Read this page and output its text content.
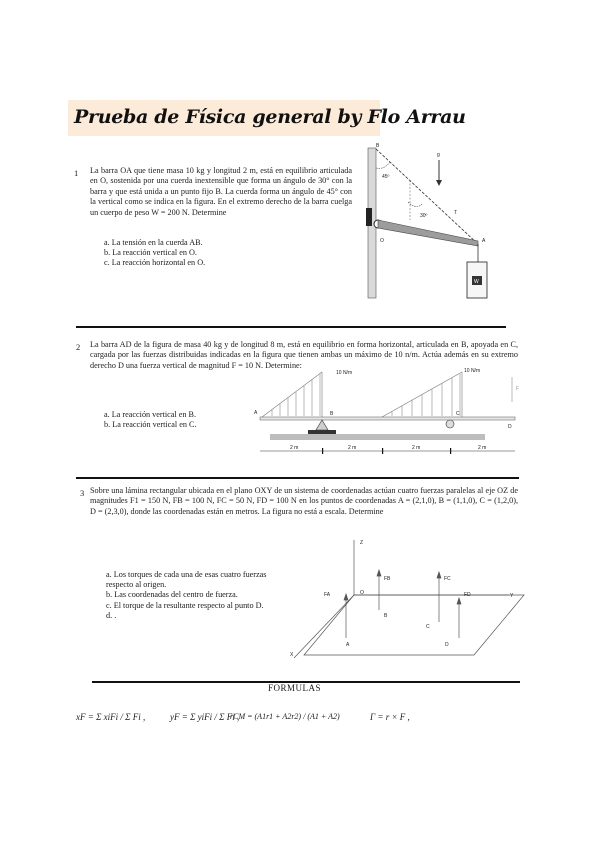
Prueba de Física general by Flo Arrau
1 La barra OA que tiene masa 10 kg y longitud 2 m, está en equilibrio articulada en O, sostenida por una cuerda inextensible que forma un ángulo de 30° con la barra y que está unida a un punto fijo B. La cuerda forma un ángulo de 45° con la vertical como se indica en la figura. En el extremo derecho de la barra cuelga un cuerpo de peso W = 200 N. Determine
a. La tensión en la cuerda AB.
b. La reacción vertical en O.
c. La reacción horizontal en O.
B
g
45º
30º	T
O	A
W
2 La barra AD de la figura de masa 40 kg y de longitud 8 m, está en equilibrio en forma horizontal, articulada en B, apoyada en C, cargada por las fuerzas distribuidas indicadas en la figura que tienen ambas un máximo de 10 n/m. Actúa además en su extremo derecho D una fuerza vertical de magnitud F = 10 N. Determine:
a. La reacción vertical en B.
b. La reacción vertical en C.
10 N/m	10 N/m
A	B	C
D
F
2 m	2 m	2 m	2 m
3 Sobre una lámina rectangular ubicada en el plano OXY de un sistema de coordenadas actúan cuatro fuerzas paralelas al eje OZ de magnitudes F1 = 150 N, FB = 100 N, FC = 50 N, FD = 100 N en los puntos de coordenadas A = (2,1,0), B = (1,1,0), C = (1,2,0), D = (2,3,0), donde las coordenadas están en metros. La figura no está a escala. Determine
a. Los torques de cada una de esas cuatro fuerzas respecto al origen.
b. Las coordenadas del centro de fuerza.
c. El torque de la resultante respecto al punto D.
d. .
Z
Y
X
O
FA
FB	FC
FD
A
B
C
D
FORMULAS
xF = Σ xiFi / Σ Fi ,	yF = Σ yiFi / Σ Fi ,
rCM = (A1r1 + A2r2) / (A1 + A2)	Γ = r × F ,
